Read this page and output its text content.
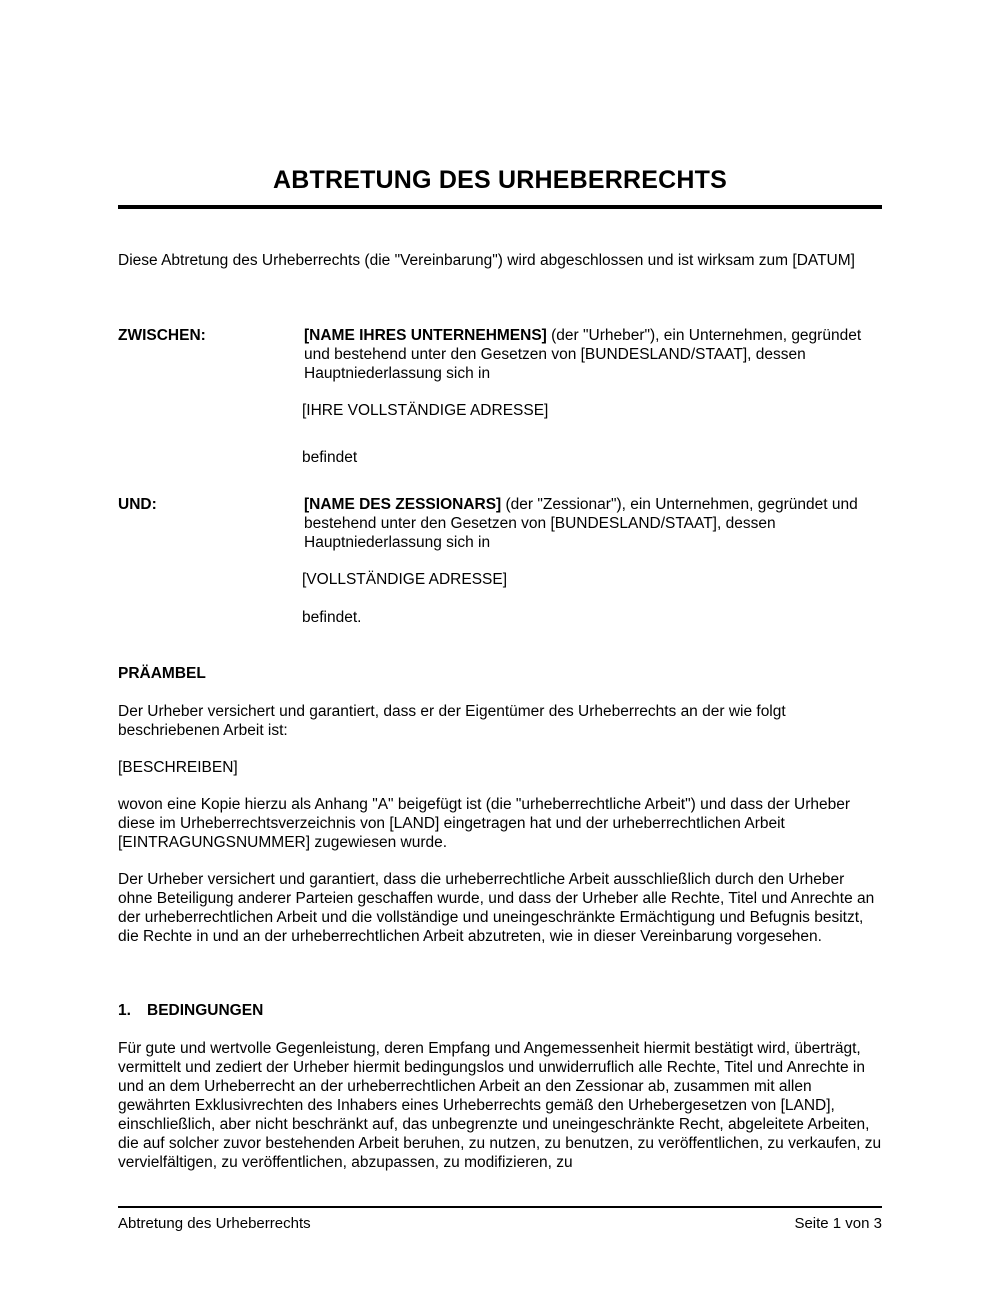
ABTRETUNG DES URHEBERRECHTS

Diese Abtretung des Urheberrechts (die "Vereinbarung") wird abgeschlossen und ist wirksam zum [DATUM]

ZWISCHEN:	[NAME IHRES UNTERNEHMENS] (der "Urheber"), ein Unternehmen, gegründet und bestehend unter den Gesetzen von [BUNDESLAND/STAAT], dessen Hauptniederlassung sich in

[IHRE VOLLSTÄNDIGE ADRESSE]
befindet
UND:	[NAME DES ZESSIONARS] (der "Zessionar"), ein Unternehmen, gegründet und bestehend unter den Gesetzen von [BUNDESLAND/STAAT], dessen Hauptniederlassung sich in

[VOLLSTÄNDIGE ADRESSE]
befindet.
PRÄAMBEL

Der Urheber versichert und garantiert, dass er der Eigentümer des Urheberrechts an der wie folgt beschriebenen Arbeit ist:

[BESCHREIBEN]

wovon eine Kopie hierzu als Anhang "A" beigefügt ist (die "urheberrechtliche Arbeit") und dass der Urheber diese im Urheberrechtsverzeichnis von [LAND] eingetragen hat und der urheberrechtlichen Arbeit [EINTRAGUNGSNUMMER] zugewiesen wurde.

Der Urheber versichert und garantiert, dass die urheberrechtliche Arbeit ausschließlich durch den Urheber ohne Beteiligung anderer Parteien geschaffen wurde, und dass der Urheber alle Rechte, Titel und Anrechte an der urheberrechtlichen Arbeit und die vollständige und uneingeschränkte Ermächtigung und Befugnis besitzt, die Rechte in und an der urheberrechtlichen Arbeit abzutreten, wie in dieser Vereinbarung vorgesehen.

1. BEDINGUNGEN

Für gute und wertvolle Gegenleistung, deren Empfang und Angemessenheit hiermit bestätigt wird, überträgt, vermittelt und zediert der Urheber hiermit bedingungslos und unwiderruflich alle Rechte, Titel und Anrechte in und an dem Urheberrecht an der urheberrechtlichen Arbeit an den Zessionar ab, zusammen mit allen gewährten Exklusivrechten des Inhabers eines Urheberrechts gemäß den Urhebergesetzen von [LAND], einschließlich, aber nicht beschränkt auf, das unbegrenzte und uneingeschränkte Recht, abgeleitete Arbeiten, die auf solcher zuvor bestehenden Arbeit beruhen, zu nutzen, zu benutzen, zu veröffentlichen, zu verkaufen, zu vervielfältigen, zu veröffentlichen, abzupassen, zu modifizieren, zu

Abtretung des Urheberrechts	Seite 1 von 3
